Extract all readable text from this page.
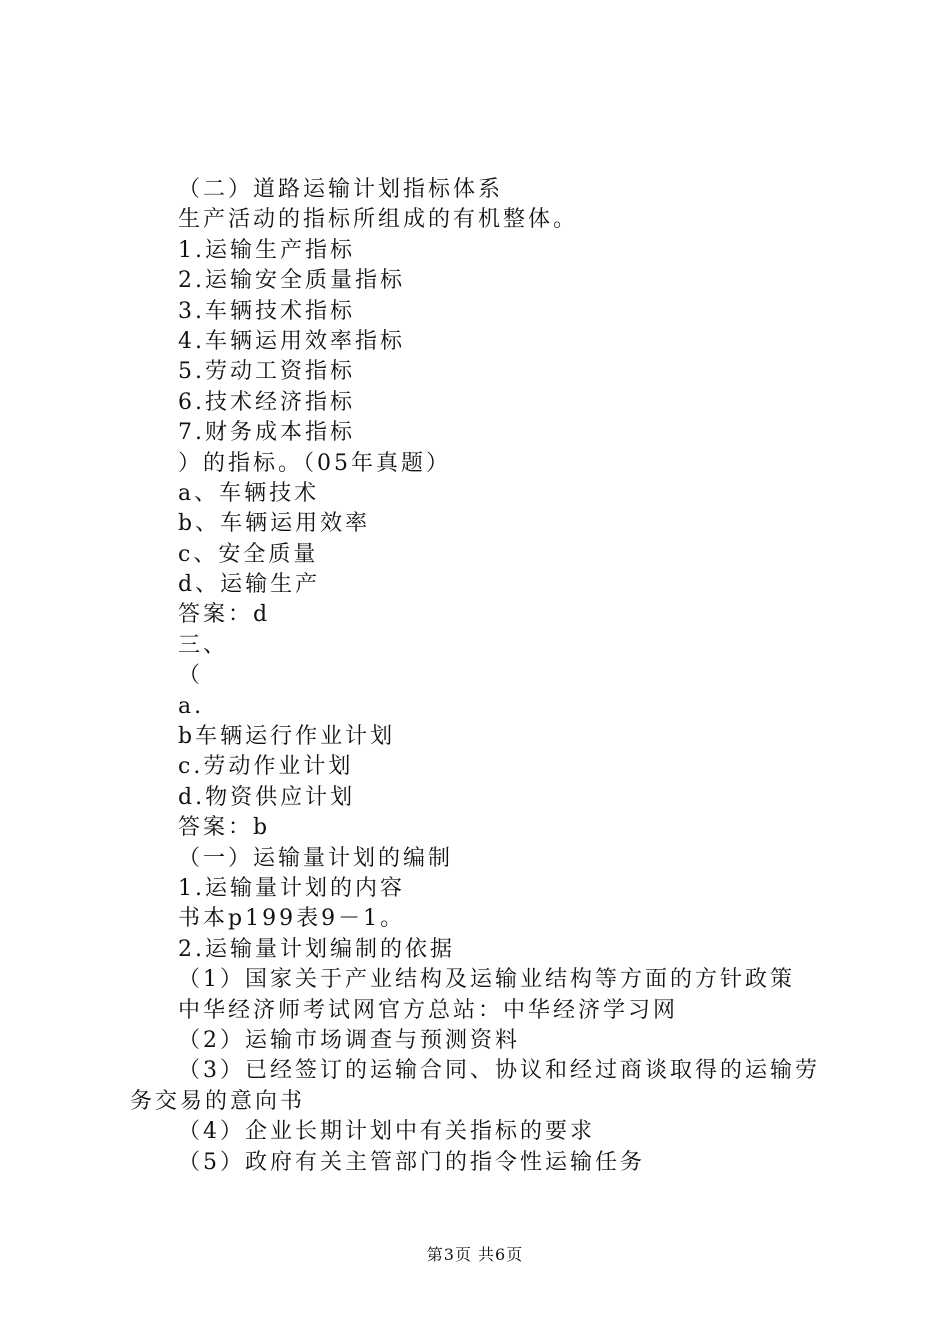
（二）道路运输计划指标体系
生产活动的指标所组成的有机整体。
1.运输生产指标
2.运输安全质量指标
3.车辆技术指标
4.车辆运用效率指标
5.劳动工资指标
6.技术经济指标
7.财务成本指标
）的指标。（05年真题）
a、车辆技术
b、车辆运用效率
c、安全质量
d、运输生产
答案：d
三、
（
a.
b车辆运行作业计划
c.劳动作业计划
d.物资供应计划
答案：b
（一）运输量计划的编制
1.运输量计划的内容
书本p199表9－1。
2.运输量计划编制的依据
（1）国家关于产业结构及运输业结构等方面的方针政策
中华经济师考试网官方总站：中华经济学习网
（2）运输市场调查与预测资料
（3）已经签订的运输合同、协议和经过商谈取得的运输劳
务交易的意向书
（4）企业长期计划中有关指标的要求
（5）政府有关主管部门的指令性运输任务
第3页 共6页
